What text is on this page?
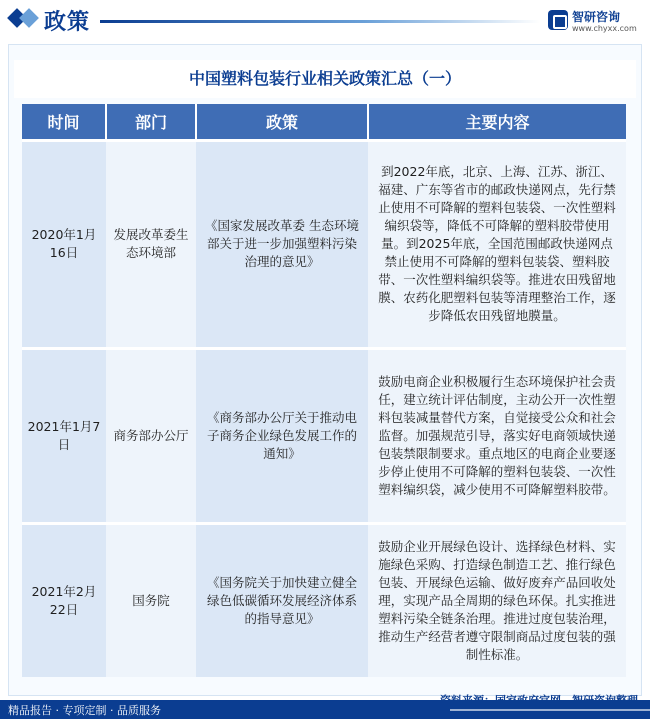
政策	智研咨询
www.chyxx.com
中国塑料包装行业相关政策汇总（一）
时间	部门	政策	主要内容
2020年1月16日	发展改革委生态环境部	《国家发展改革委 生态环境部关于进一步加强塑料污染治理的意见》	到2022年底，北京、上海、江苏、浙江、福建、广东等省市的邮政快递网点，先行禁止使用不可降解的塑料包装袋、一次性塑料编织袋等，降低不可降解的塑料胶带使用量。到2025年底，全国范围邮政快递网点禁止使用不可降解的塑料包装袋、塑料胶带、一次性塑料编织袋等。推进农田残留地膜、农药化肥塑料包装等清理整治工作，逐步降低农田残留地膜量。
2021年1月7日	商务部办公厅	《商务部办公厅关于推动电子商务企业绿色发展工作的通知》	鼓励电商企业积极履行生态环境保护社会责任，建立统计评估制度，主动公开一次性塑料包装减量替代方案，自觉接受公众和社会监督。加强规范引导，落实好电商领域快递包装禁限制要求。重点地区的电商企业要逐步停止使用不可降解的塑料包装袋、一次性塑料编织袋，减少使用不可降解塑料胶带。
2021年2月22日	国务院	《国务院关于加快建立健全绿色低碳循环发展经济体系的指导意见》	鼓励企业开展绿色设计、选择绿色材料、实施绿色采购、打造绿色制造工艺、推行绿色包装、开展绿色运输、做好废弃产品回收处理，实现产品全周期的绿色环保。扎实推进塑料污染全链条治理。推进过度包装治理，推动生产经营者遵守限制商品过度包装的强制性标准。
精品报告 · 专项定制 · 品质服务
